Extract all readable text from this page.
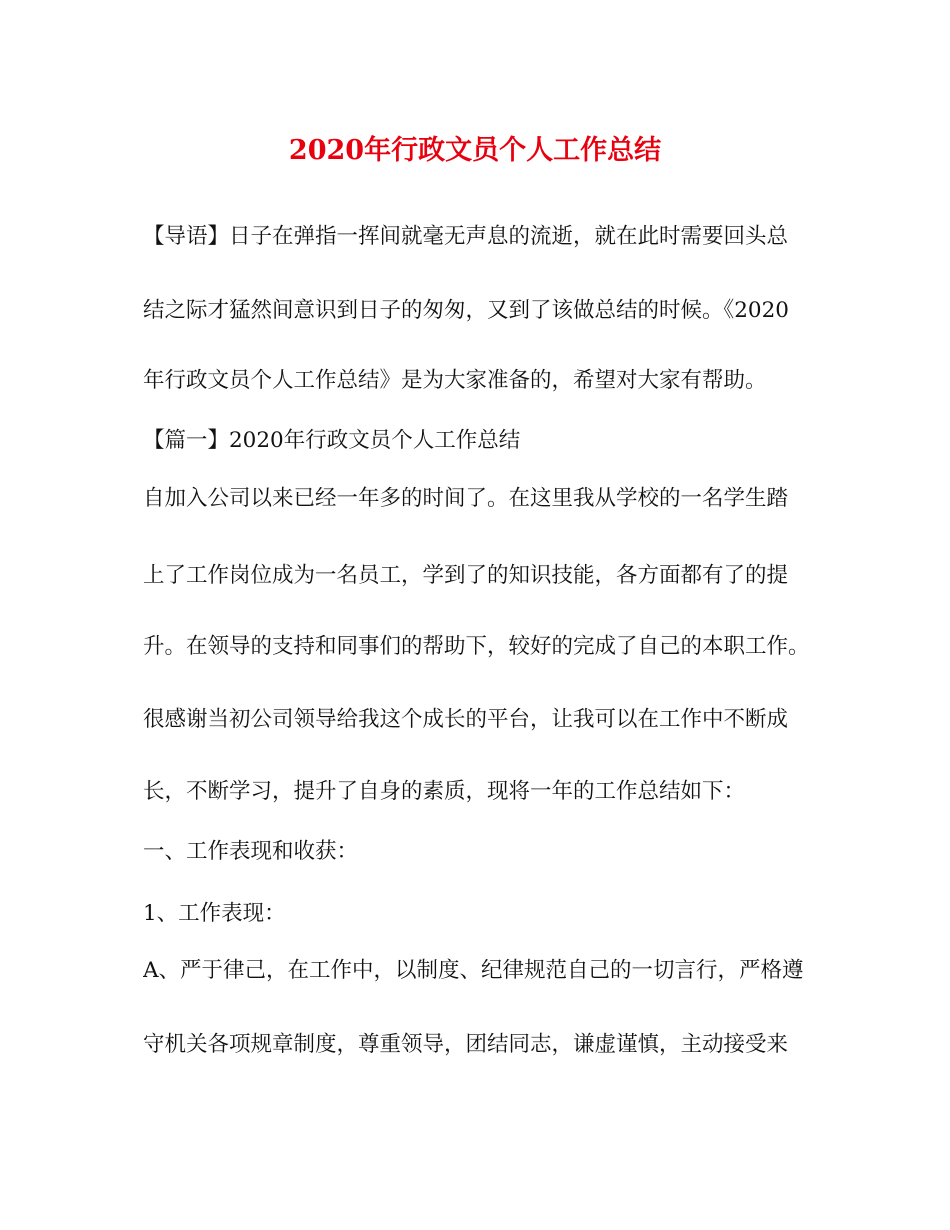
2020年行政文员个人工作总结
【导语】日子在弹指一挥间就毫无声息的流逝，就在此时需要回头总
结之际才猛然间意识到日子的匆匆，又到了该做总结的时候。《2020
年行政文员个人工作总结》是为大家准备的，希望对大家有帮助。
【篇一】2020年行政文员个人工作总结
自加入公司以来已经一年多的时间了。在这里我从学校的一名学生踏
上了工作岗位成为一名员工，学到了的知识技能，各方面都有了的提
升。在领导的支持和同事们的帮助下，较好的完成了自己的本职工作。
很感谢当初公司领导给我这个成长的平台，让我可以在工作中不断成
长，不断学习，提升了自身的素质，现将一年的工作总结如下：
一、工作表现和收获：
1、工作表现：
A、严于律己，在工作中，以制度、纪律规范自己的一切言行，严格遵
守机关各项规章制度，尊重领导，团结同志，谦虚谨慎，主动接受来
